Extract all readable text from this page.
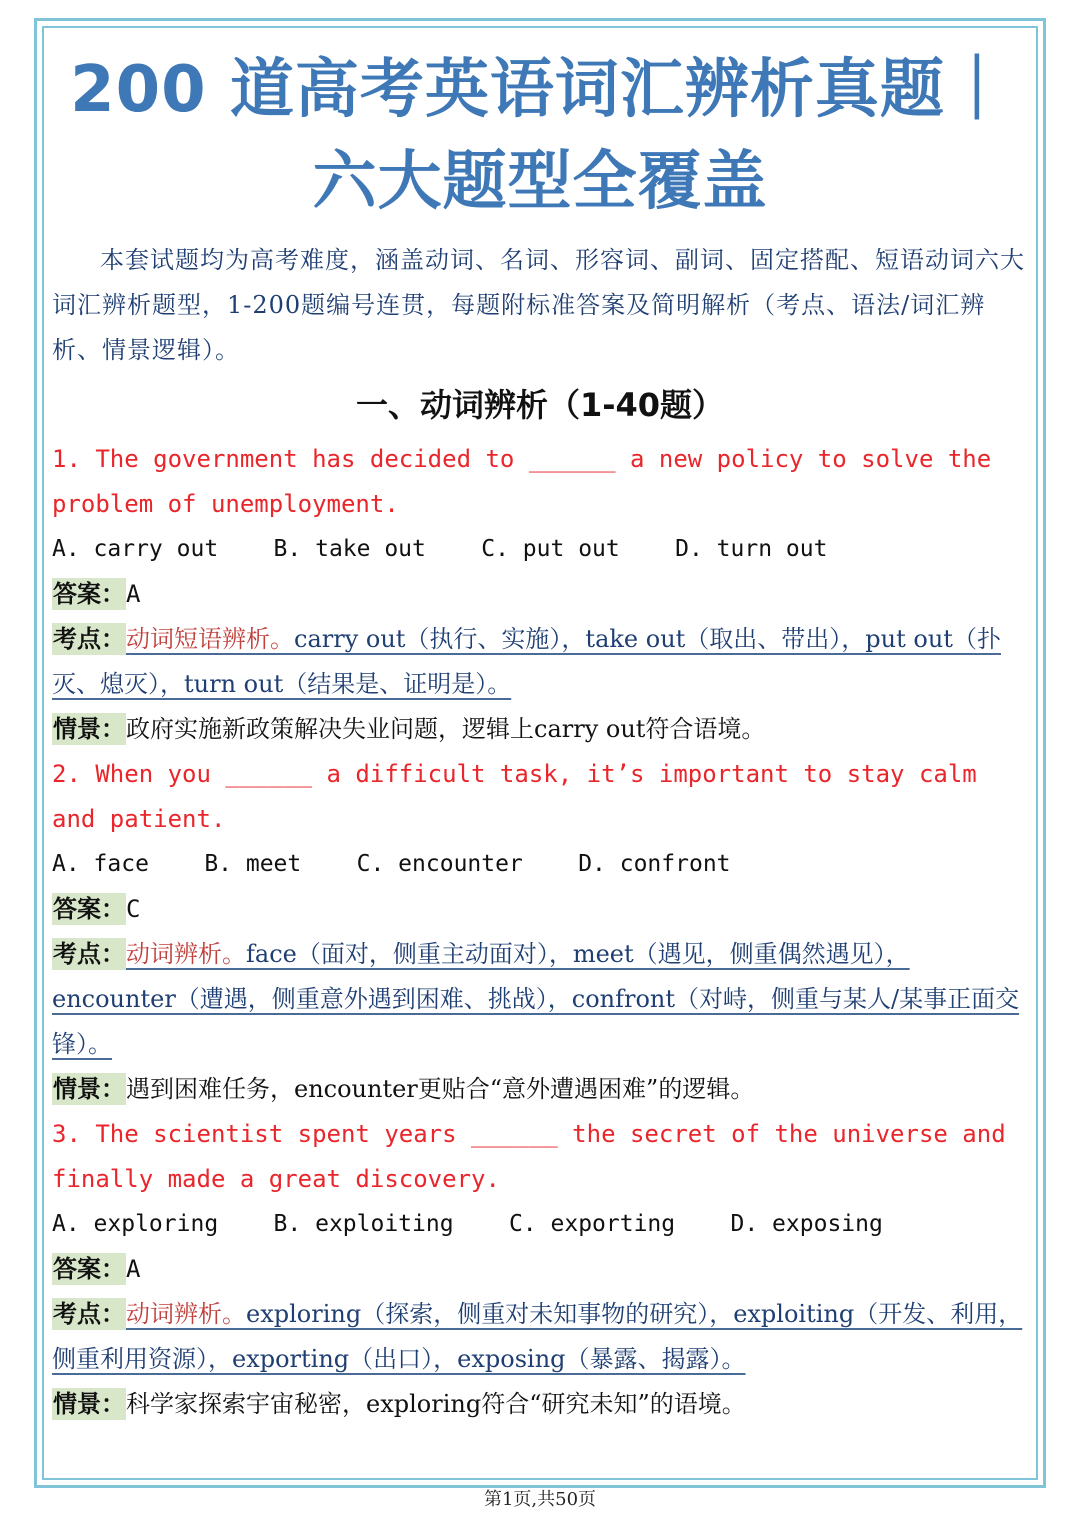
200 道高考英语词汇辨析真题｜
六大题型全覆盖

本套试题均为高考难度，涵盖动词、名词、形容词、副词、固定搭配、短语动词六大词汇辨析题型，1-200题编号连贯，每题附标准答案及简明解析（考点、语法/词汇辨析、情景逻辑）。

一、动词辨析（1-40题）

1. The government has decided to ______ a new policy to solve the problem of unemployment.

A. carry out    B. take out    C. put out    D. turn out

答案：A

考点：动词短语辨析。carry out（执行、实施），take out（取出、带出），put out（扑灭、熄灭），turn out（结果是、证明是）。

情景：政府实施新政策解决失业问题，逻辑上carry out符合语境。

2. When you ______ a difficult task, it’s important to stay calm and patient.

A. face    B. meet    C. encounter    D. confront

答案：C

考点：动词辨析。face（面对，侧重主动面对），meet（遇见，侧重偶然遇见），encounter（遭遇，侧重意外遇到困难、挑战），confront（对峙，侧重与某人/某事正面交锋）。

情景：遇到困难任务，encounter更贴合“意外遭遇困难”的逻辑。

3. The scientist spent years ______ the secret of the universe and finally made a great discovery.

A. exploring    B. exploiting    C. exporting    D. exposing

答案：A

考点：动词辨析。exploring（探索，侧重对未知事物的研究），exploiting（开发、利用，侧重利用资源），exporting（出口），exposing（暴露、揭露）。

情景：科学家探索宇宙秘密，exploring符合“研究未知”的语境。

第1页,共50页
